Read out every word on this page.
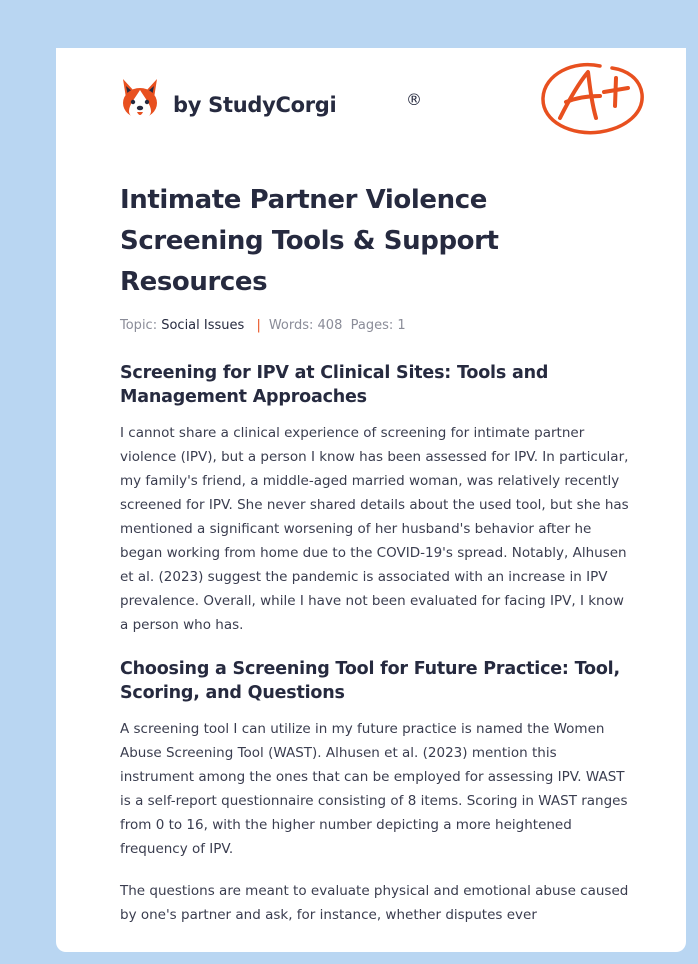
by StudyCorgi	®
Intimate Partner Violence Screening Tools & Support Resources
Topic: Social Issues | Words: 408 Pages: 1
Screening for IPV at Clinical Sites: Tools and Management Approaches

I cannot share a clinical experience of screening for intimate partner violence (IPV), but a person I know has been assessed for IPV. In particular, my family's friend, a middle-aged married woman, was relatively recently screened for IPV. She never shared details about the used tool, but she has mentioned a significant worsening of her husband's behavior after he began working from home due to the COVID-19's spread. Notably, Alhusen et al. (2023) suggest the pandemic is associated with an increase in IPV prevalence. Overall, while I have not been evaluated for facing IPV, I know a person who has.

Choosing a Screening Tool for Future Practice: Tool, Scoring, and Questions

A screening tool I can utilize in my future practice is named the Women Abuse Screening Tool (WAST). Alhusen et al. (2023) mention this instrument among the ones that can be employed for assessing IPV. WAST is a self-report questionnaire consisting of 8 items. Scoring in WAST ranges from 0 to 16, with the higher number depicting a more heightened frequency of IPV.

The questions are meant to evaluate physical and emotional abuse caused by one's partner and ask, for instance, whether disputes ever
